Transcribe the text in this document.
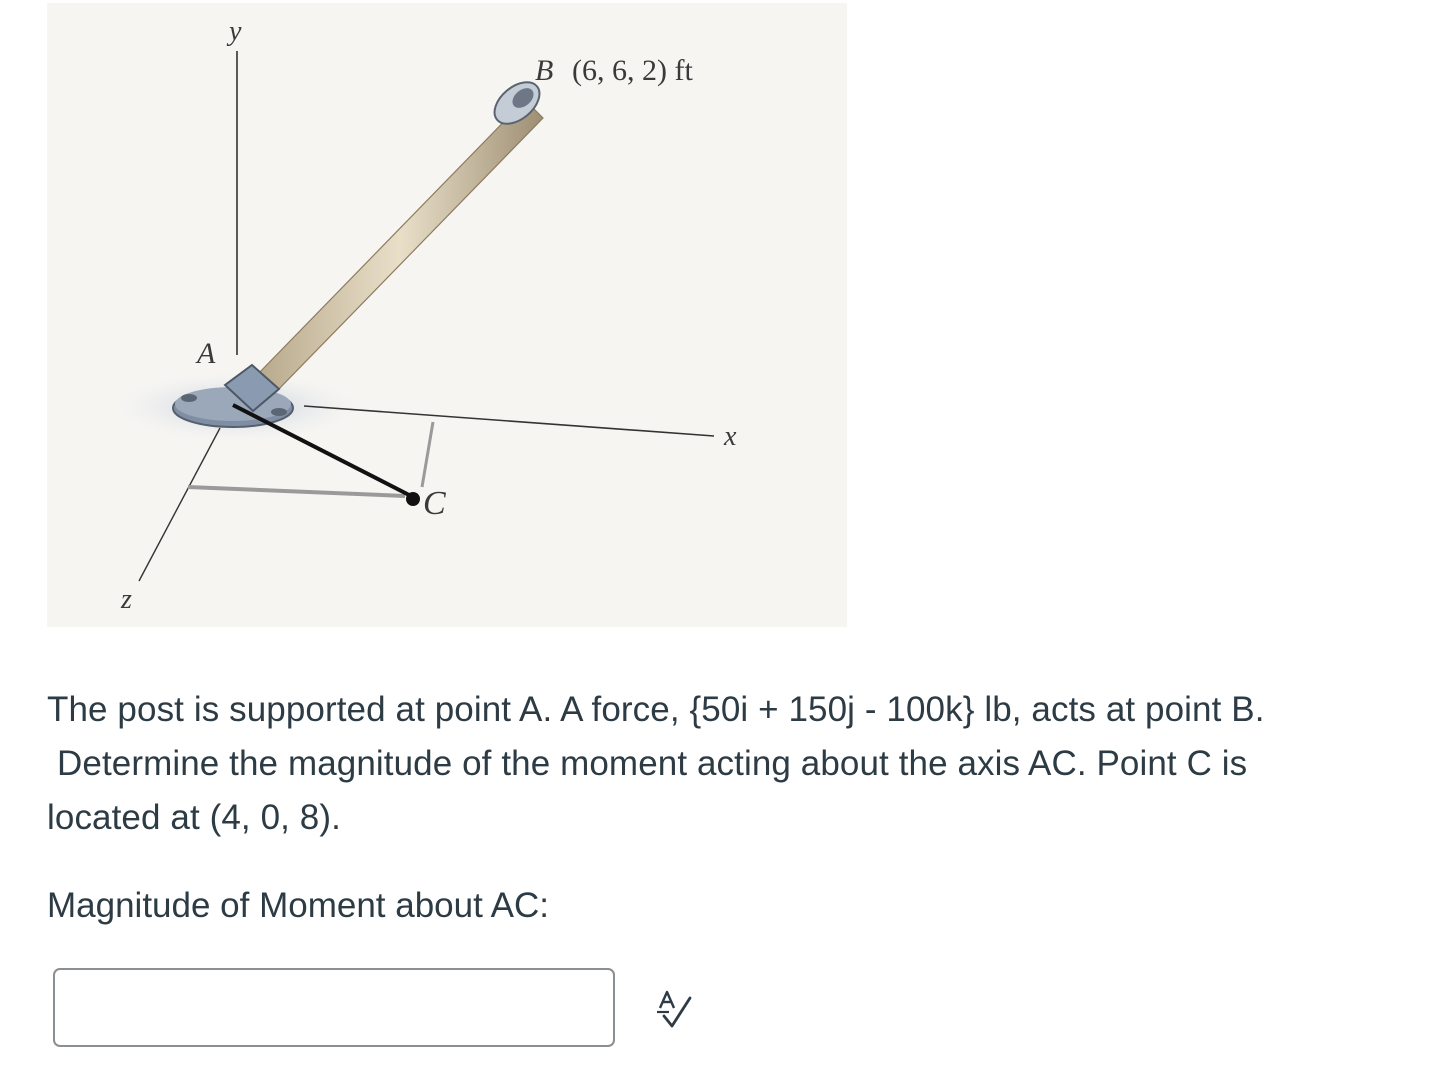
y
x
z
A
B (6, 6, 2) ft
C
The post is supported at point A. A force, {50i + 150j - 100k} lb, acts at point B.
Determine the magnitude of the moment acting about the axis AC. Point C is
located at (4, 0, 8).
Magnitude of Moment about AC:
